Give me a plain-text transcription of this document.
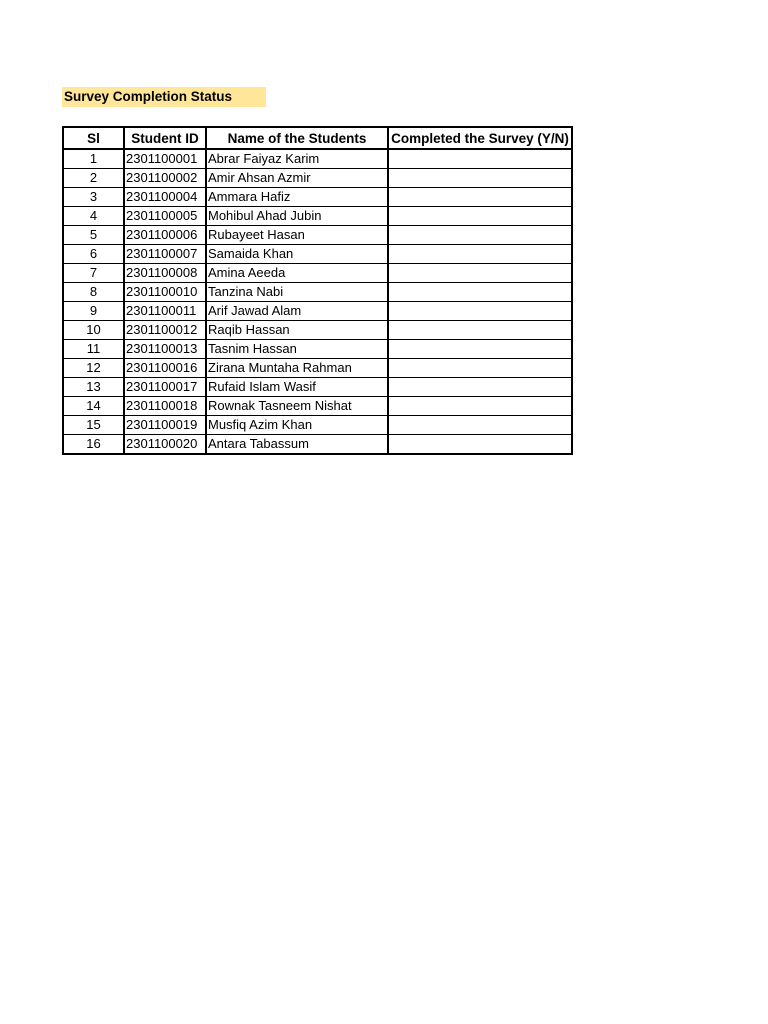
Survey Completion Status
Sl	Student ID	Name of the Students	Completed the Survey (Y/N)
1	2301100001	Abrar Faiyaz Karim	
2	2301100002	Amir Ahsan Azmir	
3	2301100004	Ammara Hafiz	
4	2301100005	Mohibul Ahad Jubin	
5	2301100006	Rubayeet Hasan	
6	2301100007	Samaida Khan	
7	2301100008	Amina Aeeda	
8	2301100010	Tanzina Nabi	
9	2301100011	Arif Jawad Alam	
10	2301100012	Raqib Hassan	
11	2301100013	Tasnim Hassan	
12	2301100016	Zirana Muntaha Rahman	
13	2301100017	Rufaid Islam Wasif	
14	2301100018	Rownak Tasneem Nishat	
15	2301100019	Musfiq Azim Khan	
16	2301100020	Antara Tabassum	
